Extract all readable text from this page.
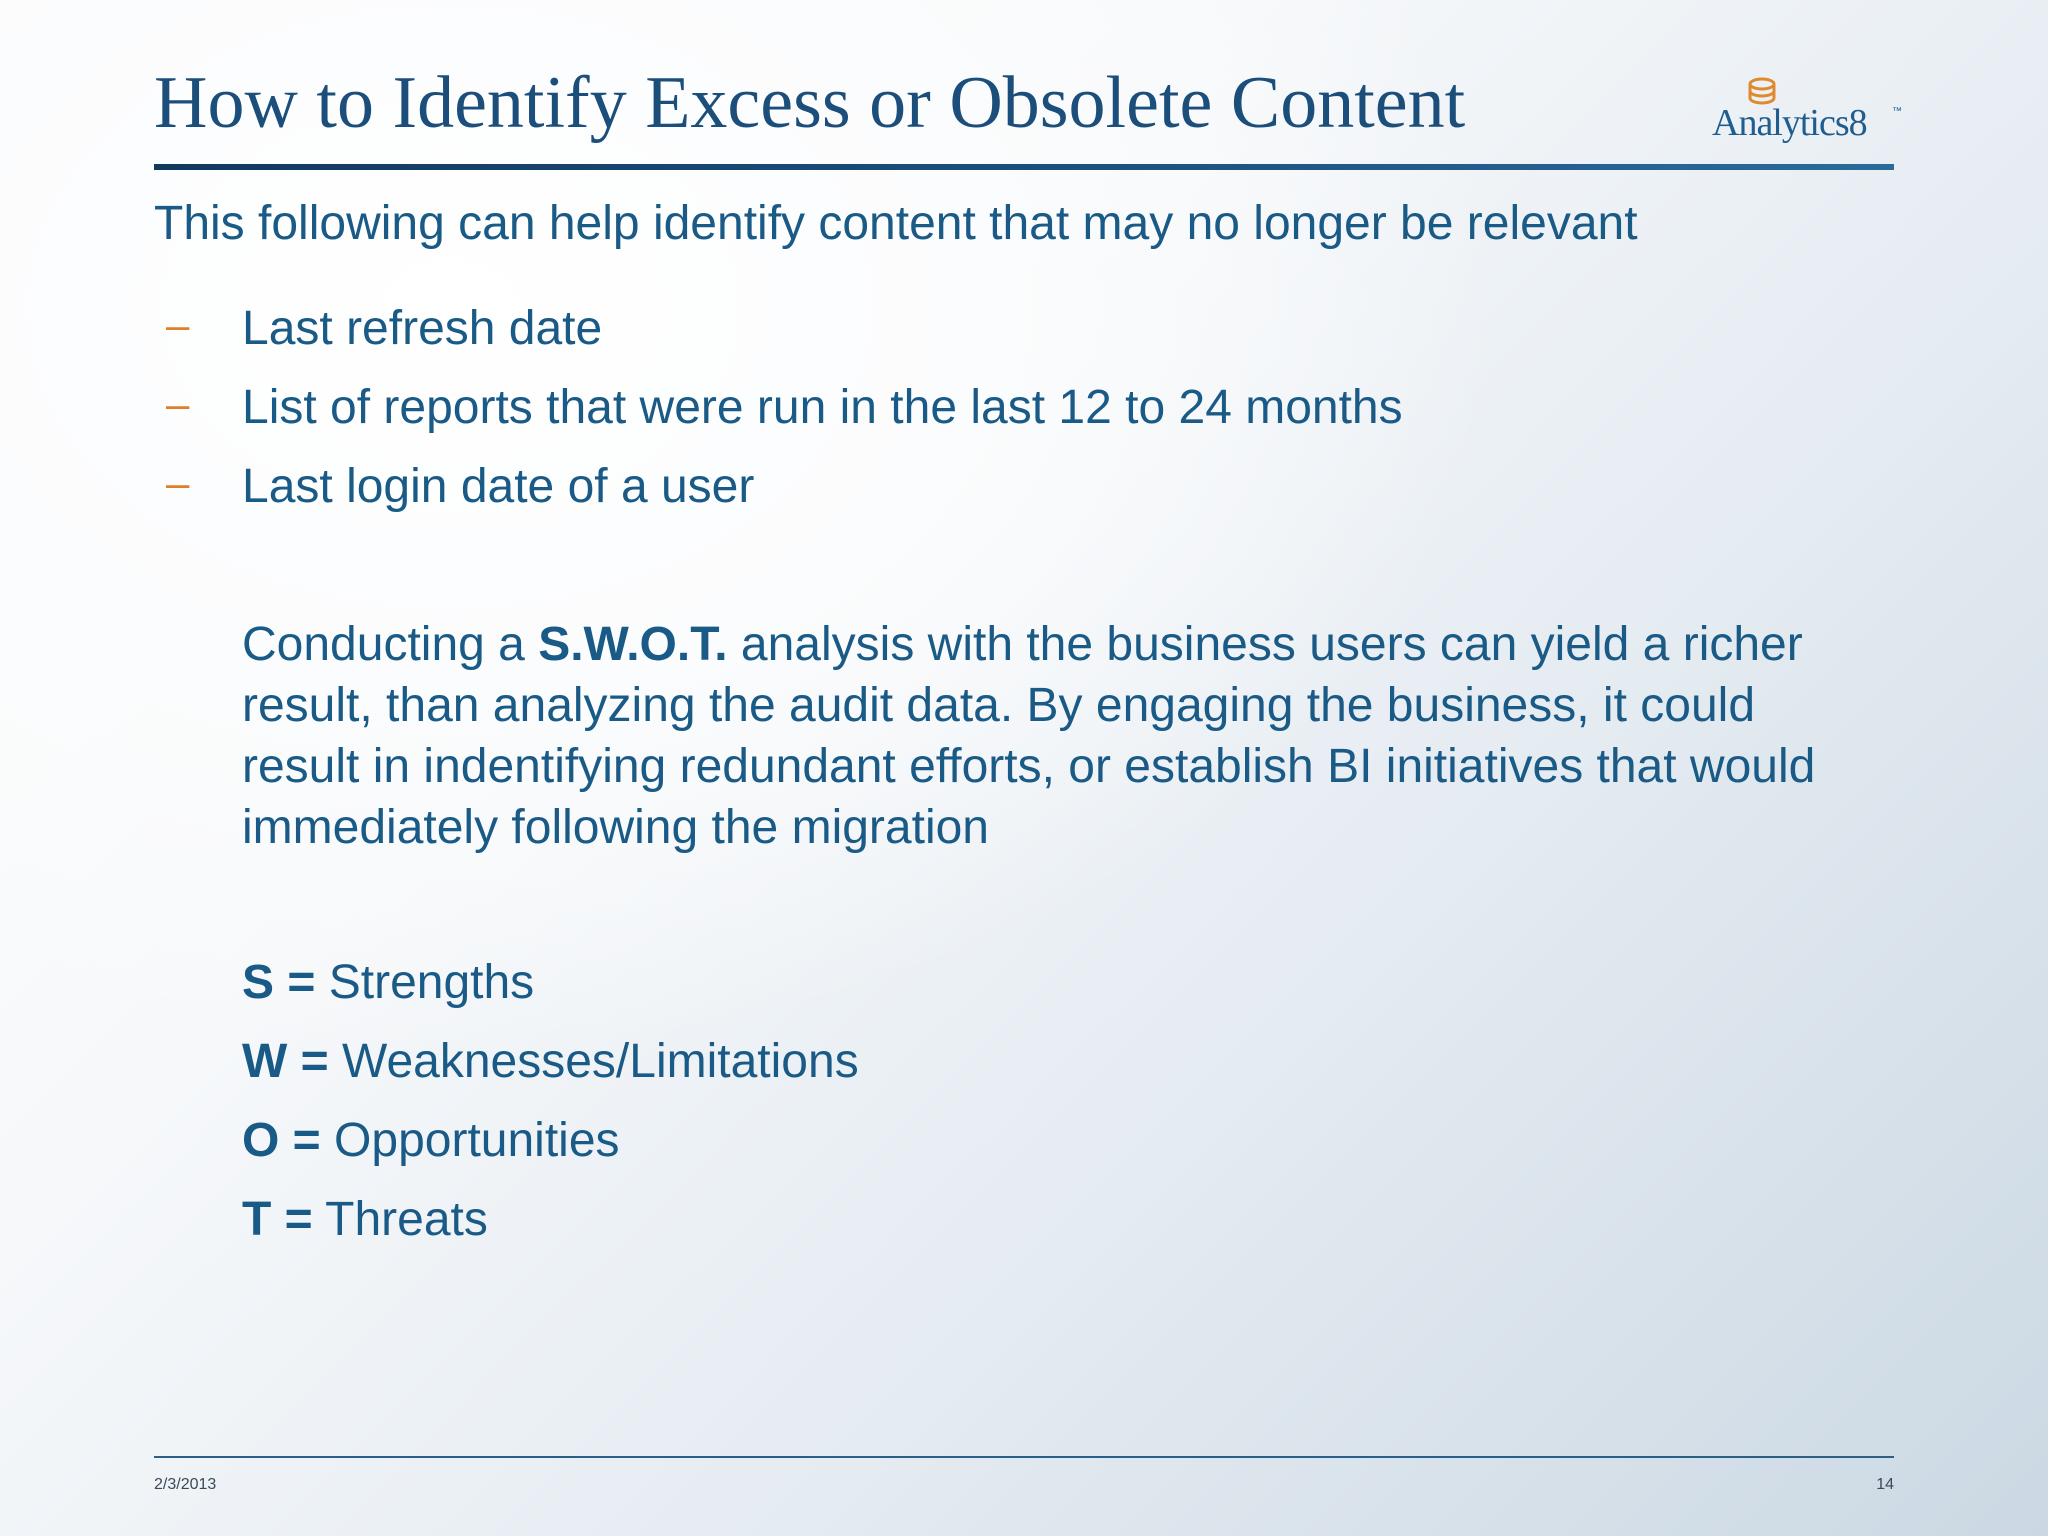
How to Identify Excess or Obsolete Content	Analytics8	™
This following can help identify content that may no longer be relevant
– Last refresh date
– List of reports that were run in the last 12 to 24 months
– Last login date of a user
Conducting a S.W.O.T. analysis with the business users can yield a richer result, than analyzing the audit data. By engaging the business, it could result in indentifying redundant efforts, or establish BI initiatives that would immediately following the migration
S = Strengths
W = Weaknesses/Limitations
O = Opportunities
T = Threats
2/3/2013	14
